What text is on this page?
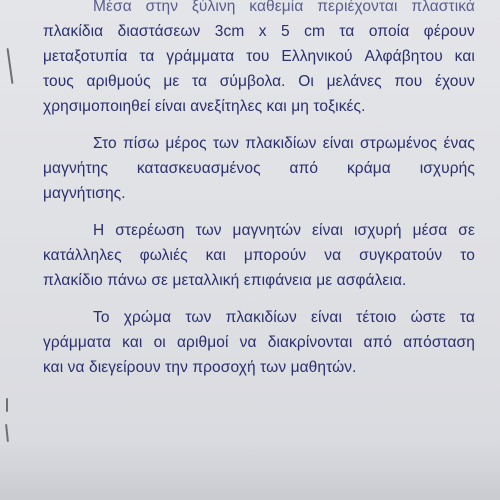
Μέσα στην ξύλινη καθεμία περιέχονται πλαστικά
πλακίδια διαστάσεων 3cm x 5 cm τα οποία φέρουν
μεταξοτυπία τα γράμματα του Ελληνικού Αλφάβητου και
τους αριθμούς με τα σύμβολα. Οι μελάνες που έχουν
χρησιμοποιηθεί είναι ανεξίτηλες και μη τοξικές.
Στο πίσω μέρος των πλακιδίων είναι στρωμένος ένας
μαγνήτης κατασκευασμένος από κράμα ισχυρής
μαγνήτισης.
Η στερέωση των μαγνητών είναι ισχυρή μέσα σε
κατάλληλες φωλιές και μπορούν να συγκρατούν το
πλακίδιο πάνω σε μεταλλική επιφάνεια με ασφάλεια.
Το χρώμα των πλακιδίων είναι τέτοιο ώστε τα
γράμματα και οι αριθμοί να διακρίνονται από απόσταση
και να διεγείρουν την προσοχή των μαθητών.
